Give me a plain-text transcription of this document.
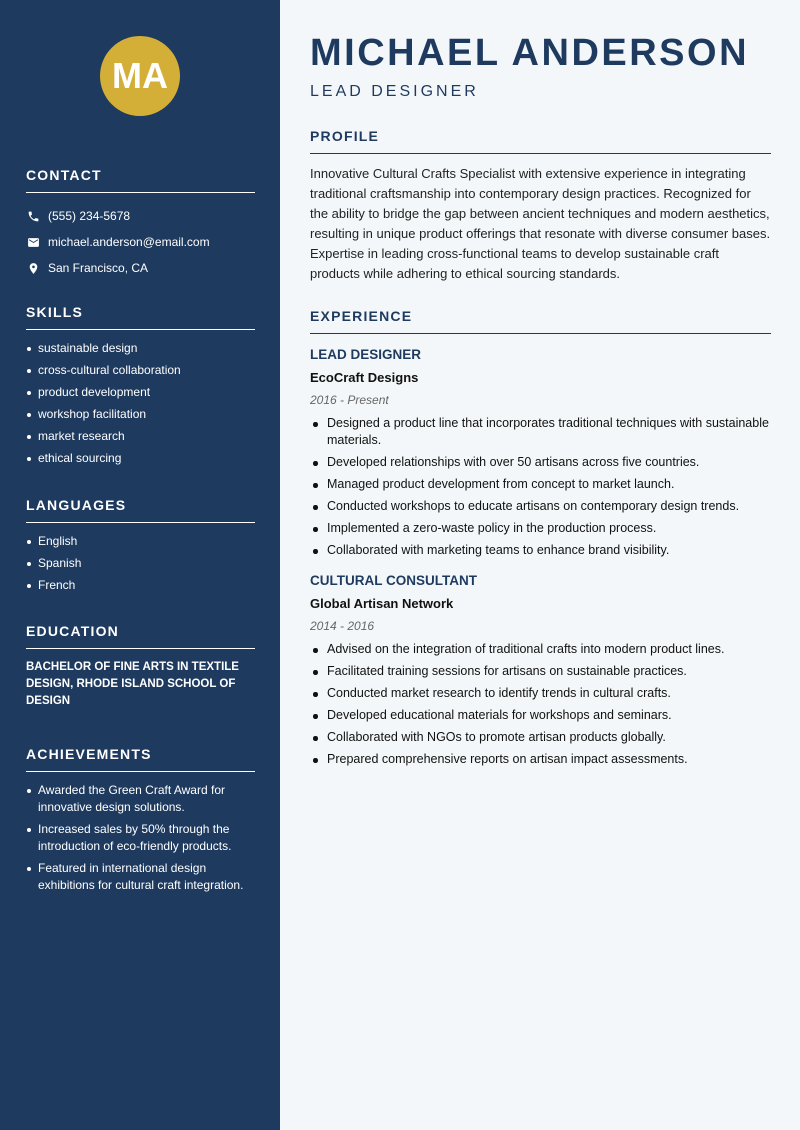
MA
CONTACT
(555) 234-5678
michael.anderson@email.com
San Francisco, CA
SKILLS
sustainable design
cross-cultural collaboration
product development
workshop facilitation
market research
ethical sourcing
LANGUAGES
English
Spanish
French
EDUCATION
BACHELOR OF FINE ARTS IN TEXTILE DESIGN, RHODE ISLAND SCHOOL OF DESIGN
ACHIEVEMENTS
Awarded the Green Craft Award for innovative design solutions.
Increased sales by 50% through the introduction of eco-friendly products.
Featured in international design exhibitions for cultural craft integration.
MICHAEL ANDERSON
LEAD DESIGNER
PROFILE

Innovative Cultural Crafts Specialist with extensive experience in integrating traditional craftsmanship into contemporary design practices. Recognized for the ability to bridge the gap between ancient techniques and modern aesthetics, resulting in unique product offerings that resonate with diverse consumer bases. Expertise in leading cross-functional teams to develop sustainable craft products while adhering to ethical sourcing standards.

EXPERIENCE
LEAD DESIGNER
EcoCraft Designs
2016 - Present
Designed a product line that incorporates traditional techniques with sustainable materials.
Developed relationships with over 50 artisans across five countries.
Managed product development from concept to market launch.
Conducted workshops to educate artisans on contemporary design trends.
Implemented a zero-waste policy in the production process.
Collaborated with marketing teams to enhance brand visibility.
CULTURAL CONSULTANT
Global Artisan Network
2014 - 2016
Advised on the integration of traditional crafts into modern product lines.
Facilitated training sessions for artisans on sustainable practices.
Conducted market research to identify trends in cultural crafts.
Developed educational materials for workshops and seminars.
Collaborated with NGOs to promote artisan products globally.
Prepared comprehensive reports on artisan impact assessments.
